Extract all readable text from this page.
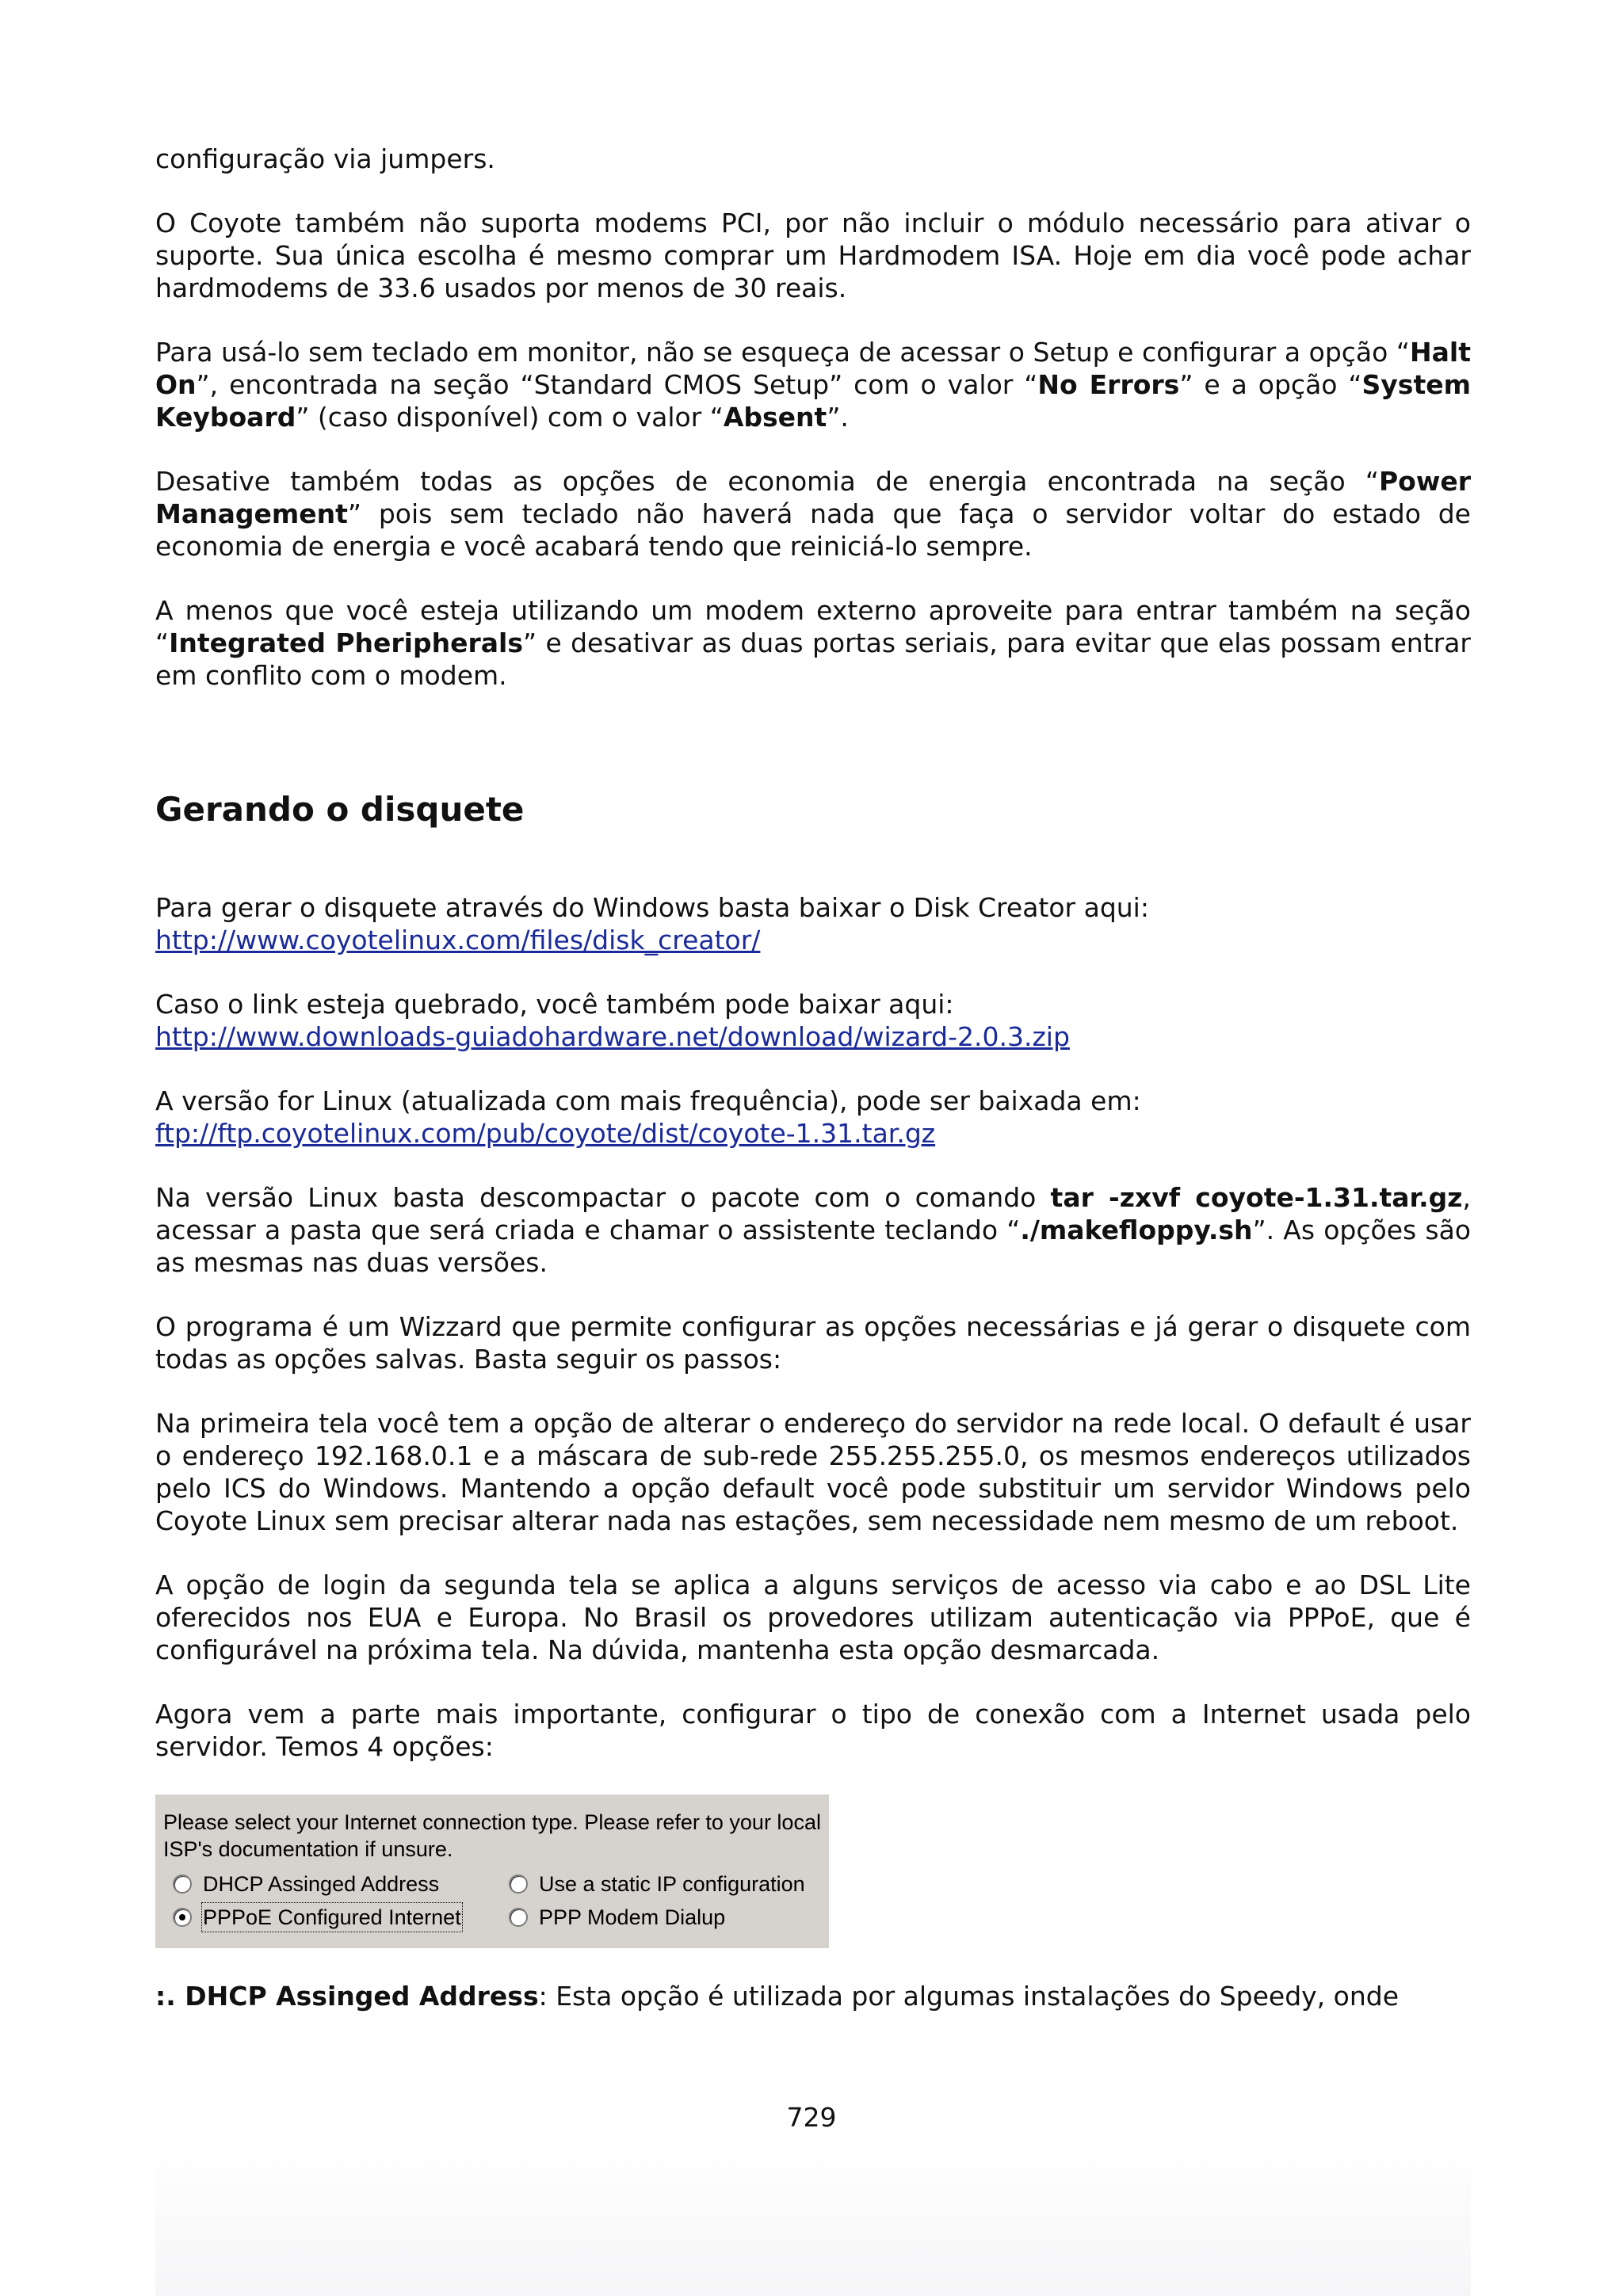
configuração via jumpers.

O Coyote também não suporta modems PCI, por não incluir o módulo necessário para ativar o suporte. Sua única escolha é mesmo comprar um Hardmodem ISA. Hoje em dia você pode achar hardmodems de 33.6 usados por menos de 30 reais.

Para usá-lo sem teclado em monitor, não se esqueça de acessar o Setup e configurar a opção “Halt On”, encontrada na seção “Standard CMOS Setup” com o valor “No Errors” e a opção “System Keyboard” (caso disponível) com o valor “Absent”.

Desative também todas as opções de economia de energia encontrada na seção “Power Management” pois sem teclado não haverá nada que faça o servidor voltar do estado de economia de energia e você acabará tendo que reiniciá-lo sempre.

A menos que você esteja utilizando um modem externo aproveite para entrar também na seção “Integrated Pheripherals” e desativar as duas portas seriais, para evitar que elas possam entrar em conflito com o modem.

Gerando o disquete
Para gerar o disquete através do Windows basta baixar o Disk Creator aqui:
http://www.coyotelinux.com/files/disk_creator/
Caso o link esteja quebrado, você também pode baixar aqui:
http://www.downloads-guiadohardware.net/download/wizard-2.0.3.zip
A versão for Linux (atualizada com mais frequência), pode ser baixada em:
ftp://ftp.coyotelinux.com/pub/coyote/dist/coyote-1.31.tar.gz

Na versão Linux basta descompactar o pacote com o comando tar -zxvf coyote-1.31.tar.gz, acessar a pasta que será criada e chamar o assistente teclando “./makefloppy.sh”. As opções são as mesmas nas duas versões.

O programa é um Wizzard que permite configurar as opções necessárias e já gerar o disquete com todas as opções salvas. Basta seguir os passos:

Na primeira tela você tem a opção de alterar o endereço do servidor na rede local. O default é usar o endereço 192.168.0.1 e a máscara de sub-rede 255.255.255.0, os mesmos endereços utilizados pelo ICS do Windows. Mantendo a opção default você pode substituir um servidor Windows pelo Coyote Linux sem precisar alterar nada nas estações, sem necessidade nem mesmo de um reboot.

A opção de login da segunda tela se aplica a alguns serviços de acesso via cabo e ao DSL Lite oferecidos nos EUA e Europa. No Brasil os provedores utilizam autenticação via PPPoE, que é configurável na próxima tela. Na dúvida, mantenha esta opção desmarcada.

Agora vem a parte mais importante, configurar o tipo de conexão com a Internet usada pelo servidor. Temos 4 opções:

Please select your Internet connection type. Please refer to your local
ISP's documentation if unsure.
DHCP Assinged Address	Use a static IP configuration
PPPoE Configured Internet	PPP Modem Dialup

:. DHCP Assinged Address: Esta opção é utilizada por algumas instalações do Speedy, onde

729
